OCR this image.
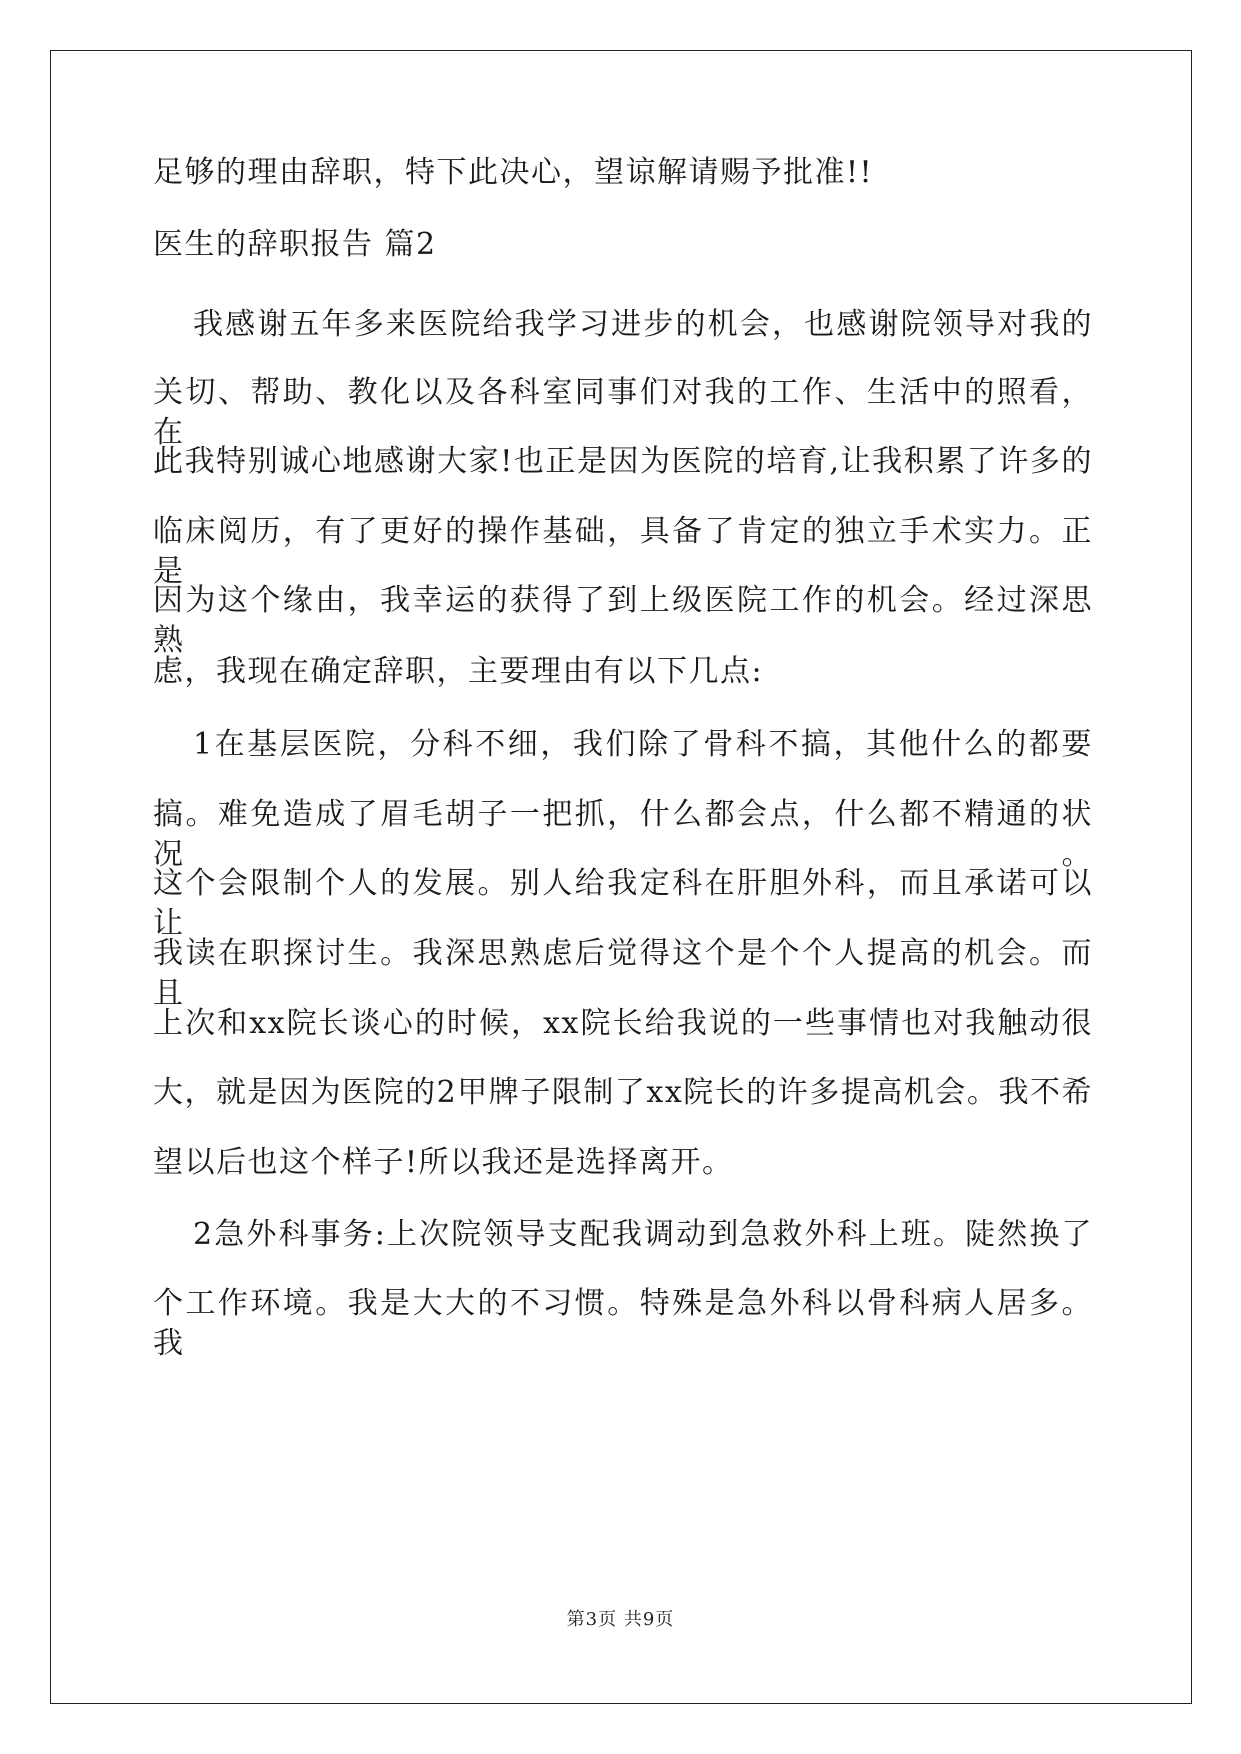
足够的理由辞职，特下此决心，望谅解请赐予批准!!
医生的辞职报告 篇2
我感谢五年多来医院给我学习进步的机会，也感谢院领导对我的
关切、帮助、教化以及各科室同事们对我的工作、生活中的照看，在
此我特别诚心地感谢大家!也正是因为医院的培育,让我积累了许多的
临床阅历，有了更好的操作基础，具备了肯定的独立手术实力。正是
因为这个缘由，我幸运的获得了到上级医院工作的机会。经过深思熟
虑，我现在确定辞职，主要理由有以下几点:
1在基层医院，分科不细，我们除了骨科不搞，其他什么的都要
搞。难免造成了眉毛胡子一把抓，什么都会点，什么都不精通的状况。
这个会限制个人的发展。别人给我定科在肝胆外科，而且承诺可以让
我读在职探讨生。我深思熟虑后觉得这个是个个人提高的机会。而且
上次和xx院长谈心的时候，xx院长给我说的一些事情也对我触动很
大，就是因为医院的2甲牌子限制了xx院长的许多提高机会。我不希
望以后也这个样子!所以我还是选择离开。
2急外科事务:上次院领导支配我调动到急救外科上班。陡然换了
个工作环境。我是大大的不习惯。特殊是急外科以骨科病人居多。我
第3页 共9页
